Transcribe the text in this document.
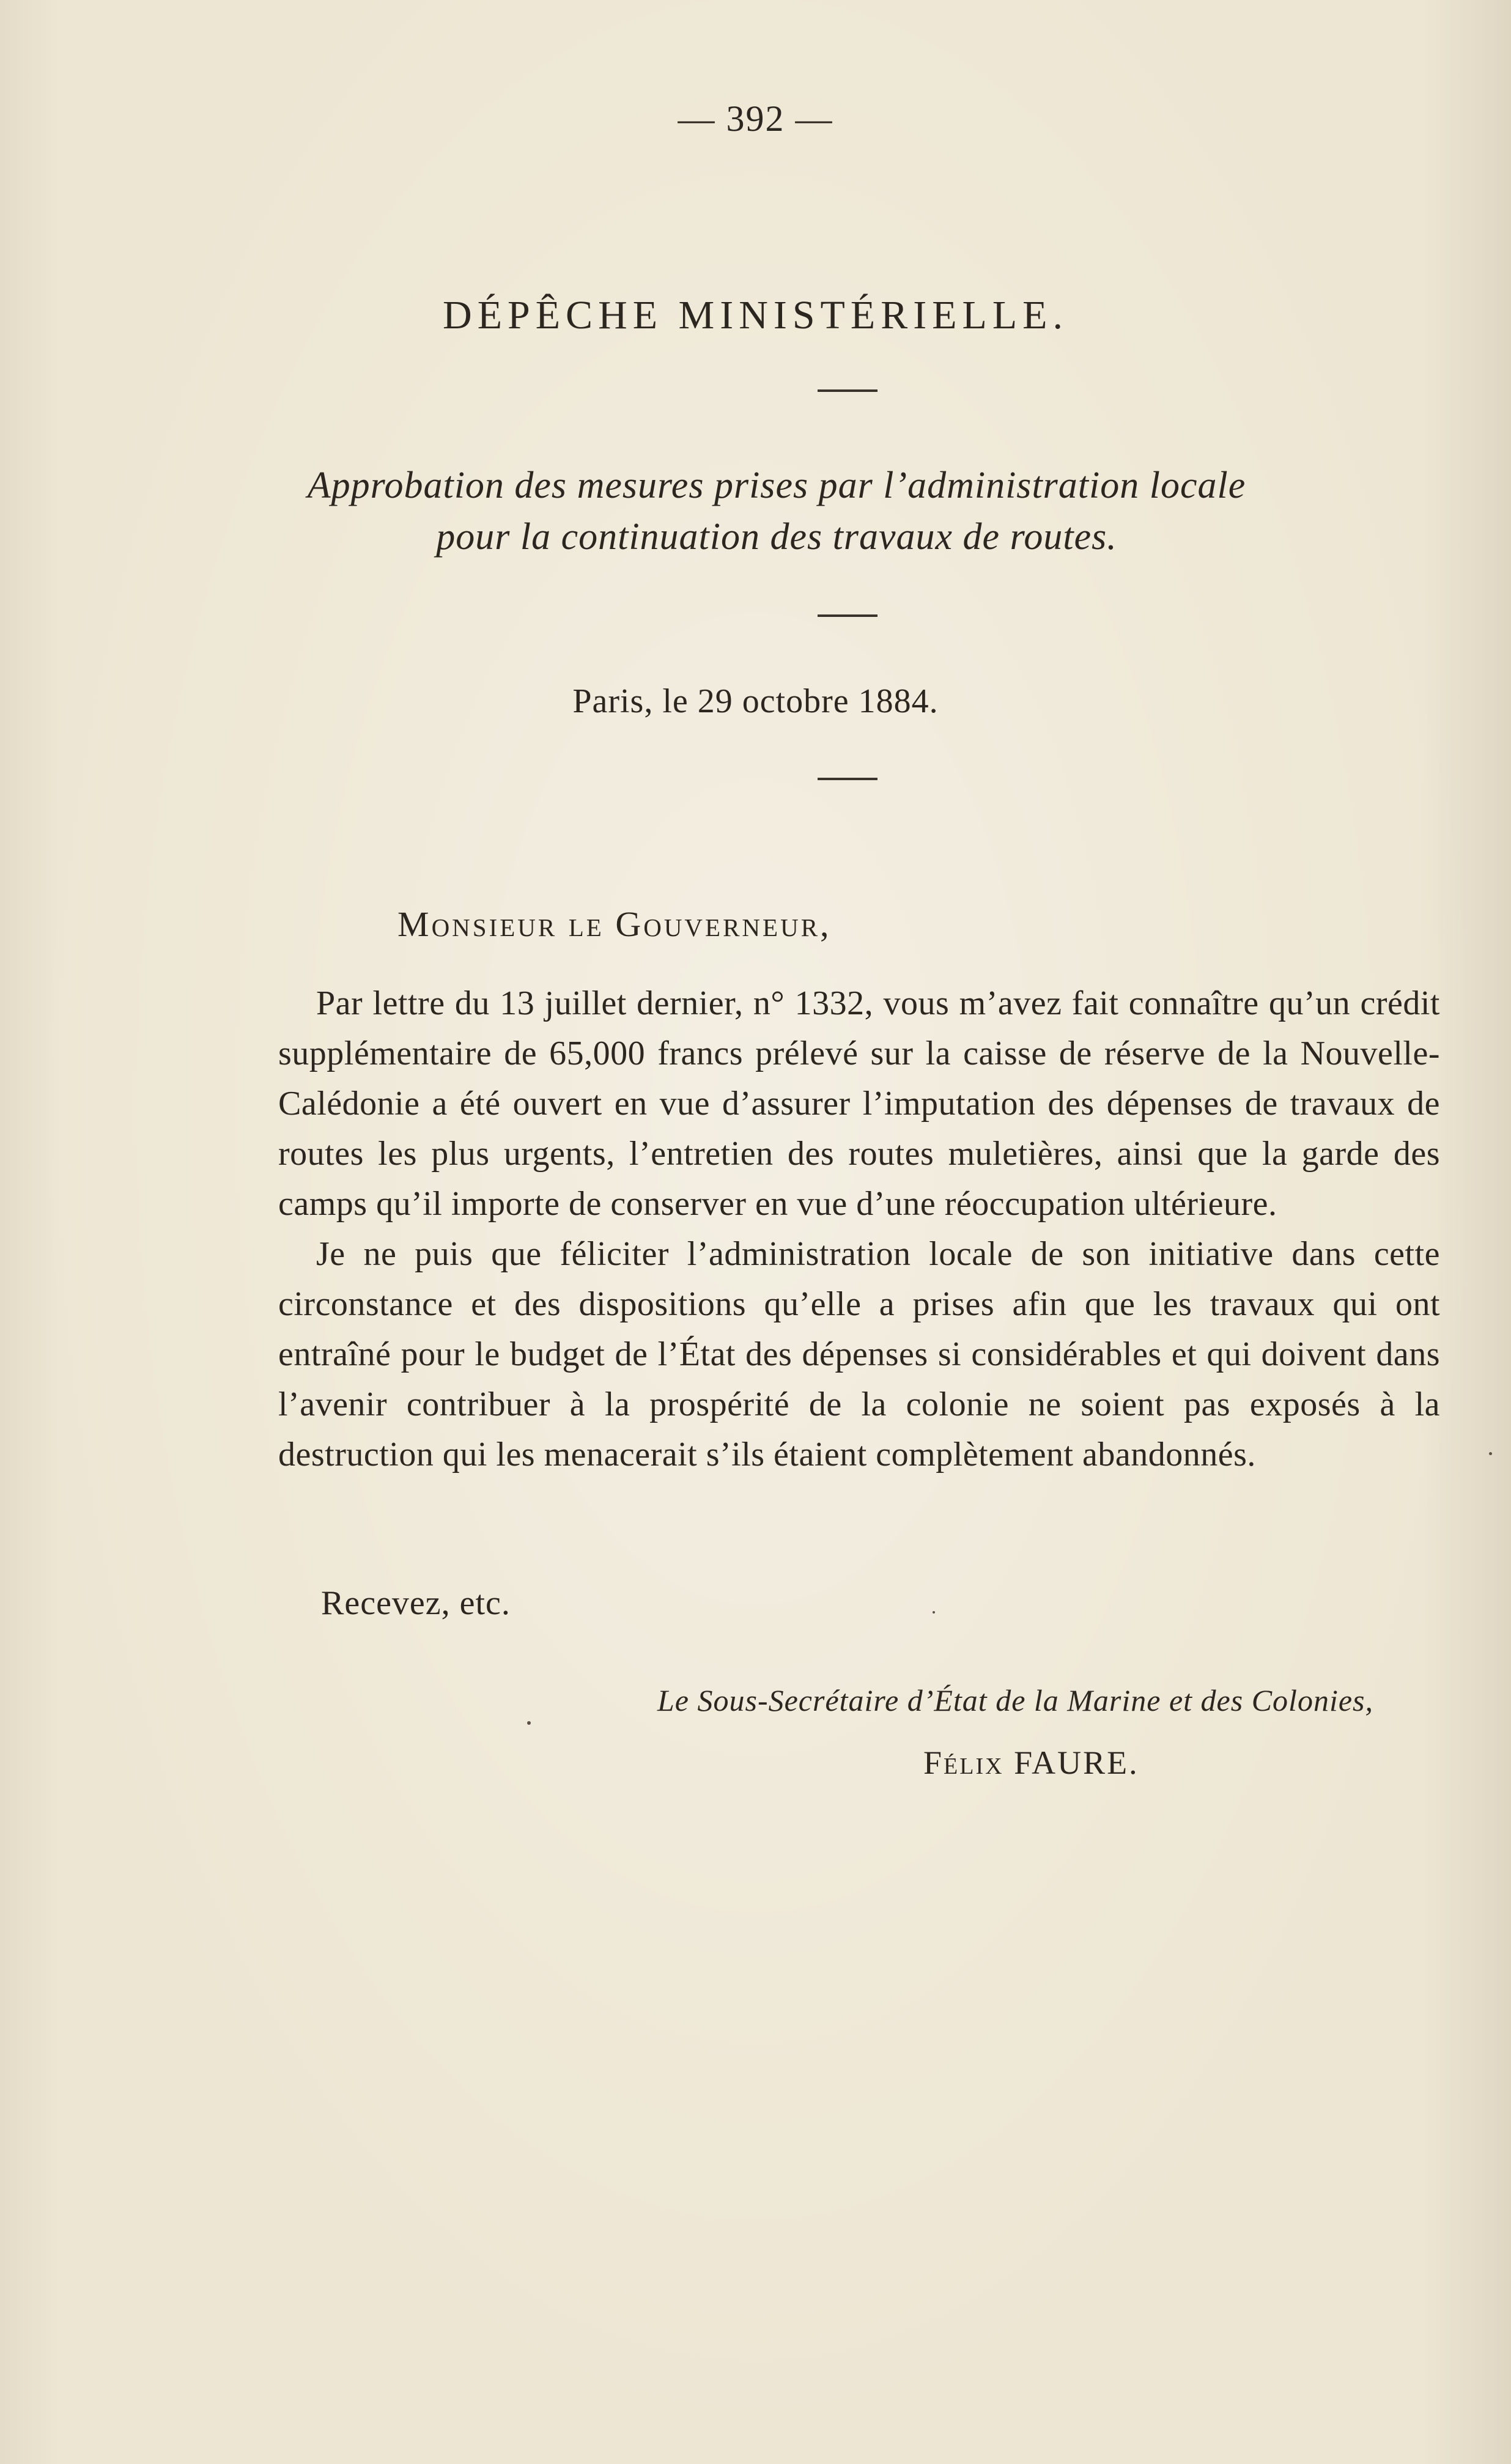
— 392 —
DÉPÊCHE MINISTÉRIELLE.
Approbation des mesures prises par l’administration locale
pour la continuation des travaux de routes.
Paris, le 29 octobre 1884.
Monsieur le Gouverneur,

Par lettre du 13 juillet dernier, n° 1332, vous m’avez fait connaître qu’un crédit supplémentaire de 65,000 francs prélevé sur la caisse de réserve de la Nouvelle-Calédonie a été ouvert en vue d’assurer l’imputation des dépenses de travaux de routes les plus urgents, l’entretien des routes muletières, ainsi que la garde des camps qu’il importe de conserver en vue d’une réoccupation ultérieure.

Je ne puis que féliciter l’administration locale de son initiative dans cette circonstance et des dispositions qu’elle a prises afin que les travaux qui ont entraîné pour le budget de l’État des dépenses si considérables et qui doivent dans l’avenir contribuer à la prospérité de la colonie ne soient pas exposés à la destruction qui les menacerait s’ils étaient complètement abandonnés.

Recevez, etc.
Le Sous-Secrétaire d’État de la Marine et des Colonies,
Félix FAURE.
